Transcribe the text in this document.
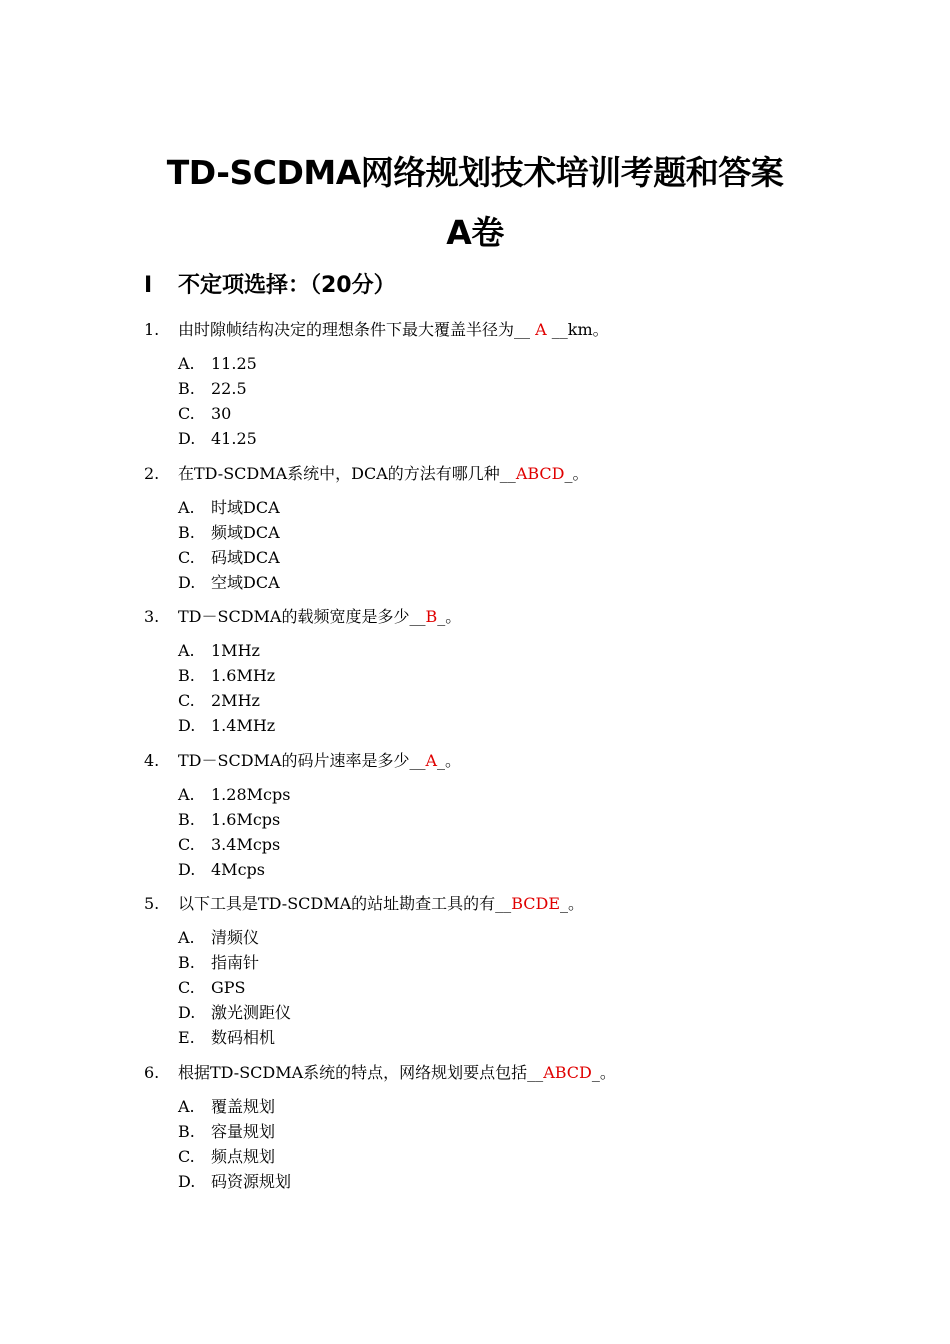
TD-SCDMA网络规划技术培训考题和答案
A卷
I 不定项选择：（20分）
1. 由时隙帧结构决定的理想条件下最大覆盖半径为__ A __km。
A. 11.25
B. 22.5
C. 30
D. 41.25
2. 在TD-SCDMA系统中，DCA的方法有哪几种__ABCD_。
A. 时域DCA
B. 频域DCA
C. 码域DCA
D. 空域DCA
3. TD－SCDMA的载频宽度是多少__B_。
A. 1MHz
B. 1.6MHz
C. 2MHz
D. 1.4MHz
4. TD－SCDMA的码片速率是多少__A_。
A. 1.28Mcps
B. 1.6Mcps
C. 3.4Mcps
D. 4Mcps
5. 以下工具是TD-SCDMA的站址勘查工具的有__BCDE_。
A. 清频仪
B. 指南针
C. GPS
D. 激光测距仪
E. 数码相机
6. 根据TD-SCDMA系统的特点，网络规划要点包括__ABCD_。
A. 覆盖规划
B. 容量规划
C. 频点规划
D. 码资源规划
